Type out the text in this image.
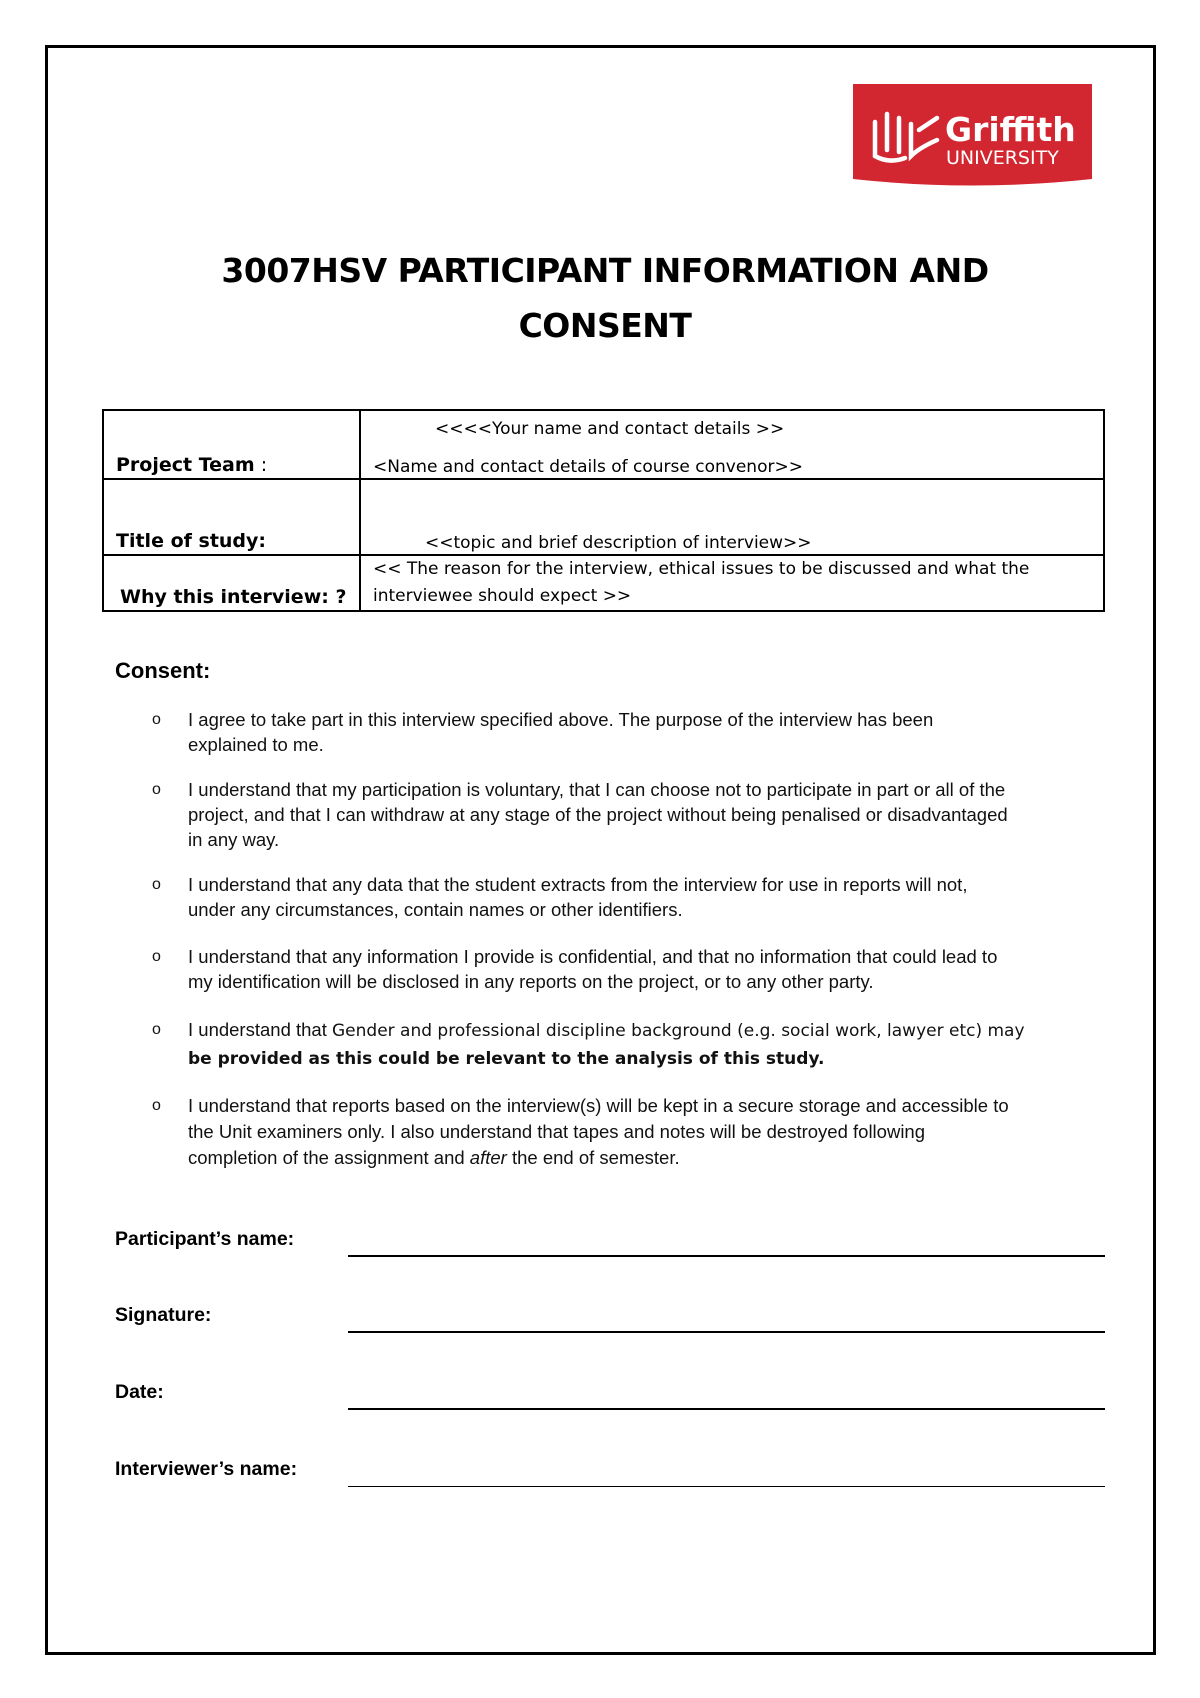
Griffith
UNIVERSITY
3007HSV PARTICIPANT INFORMATION AND
CONSENT
Project Team :	<<<<Your name and contact details >>
<Name and contact details of course convenor>>

Title of study:	<<topic and brief description of interview>>
Why this interview: ?	<< The reason for the interview, ethical issues to be discussed and what the
interviewee should expect >>
Consent:
o I agree to take part in this interview specified above. The purpose of the interview has been
explained to me.
o I understand that my participation is voluntary, that I can choose not to participate in part or all of the
project, and that I can withdraw at any stage of the project without being penalised or disadvantaged
in any way.
o I understand that any data that the student extracts from the interview for use in reports will not,
under any circumstances, contain names or other identifiers.
o I understand that any information I provide is confidential, and that no information that could lead to
my identification will be disclosed in any reports on the project, or to any other party.
o I understand that Gender and professional discipline background (e.g. social work, lawyer etc) may
be provided as this could be relevant to the analysis of this study.
o I understand that reports based on the interview(s) will be kept in a secure storage and accessible to
the Unit examiners only. I also understand that tapes and notes will be destroyed following
completion of the assignment and after the end of semester.
Participant’s name:
Signature:
Date:
Interviewer’s name:
